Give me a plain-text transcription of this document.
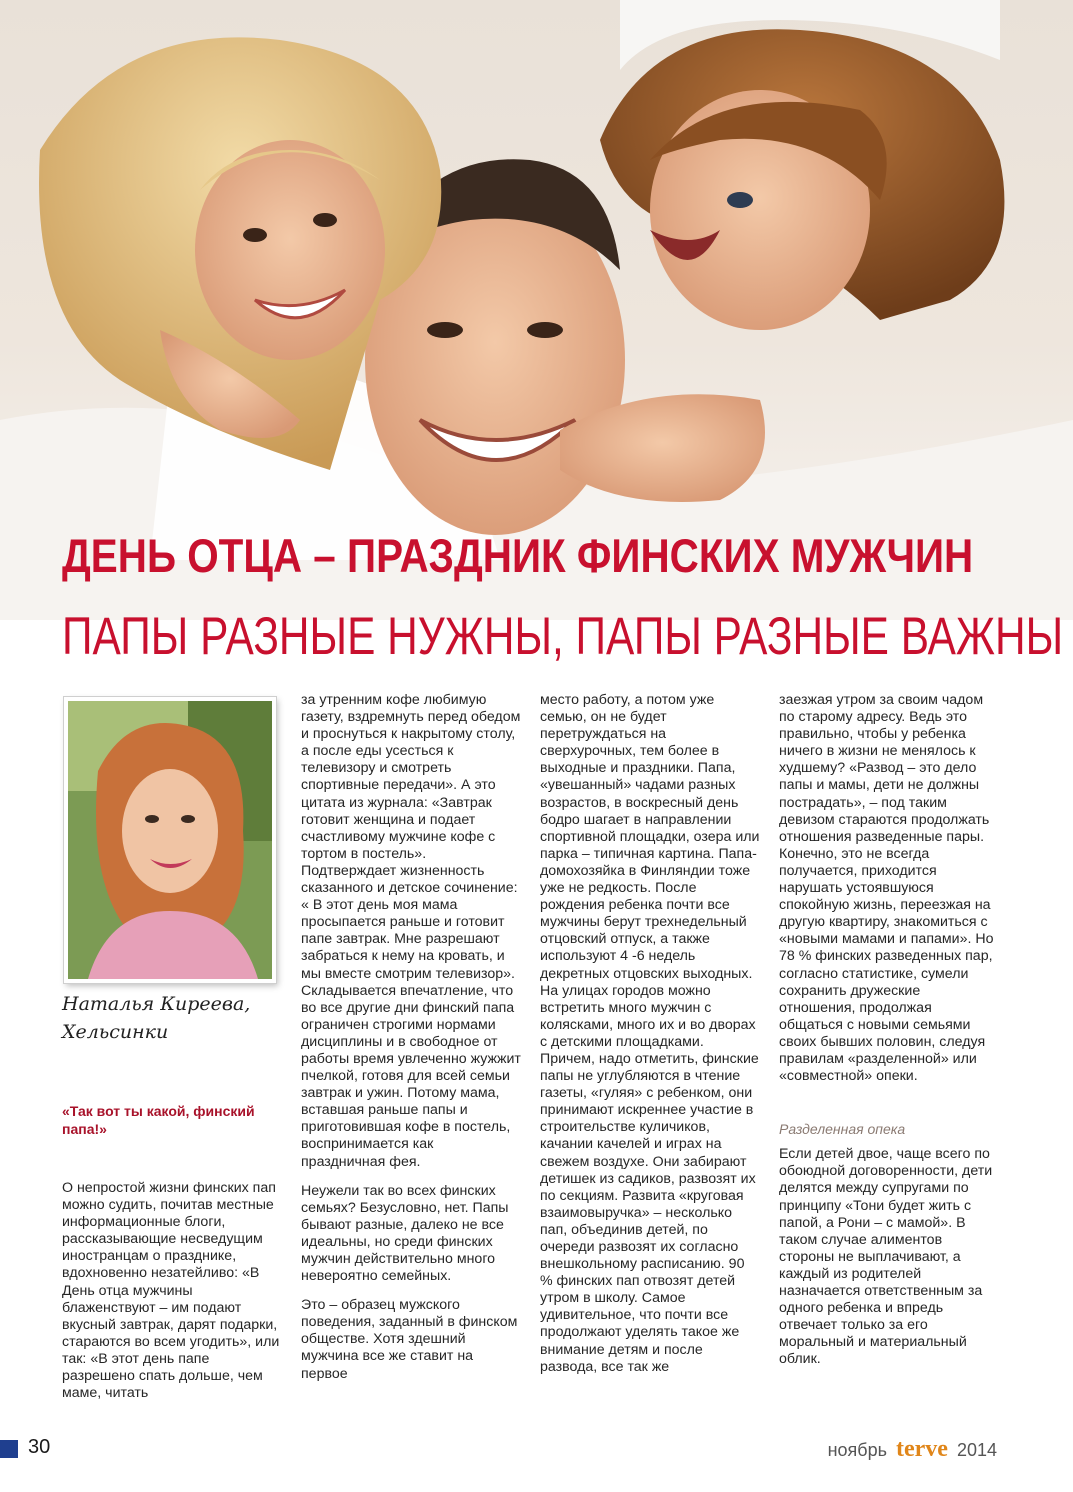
ДЕНЬ ОТЦА – ПРАЗДНИК ФИНСКИХ МУЖЧИН
ПАПЫ РАЗНЫЕ НУЖНЫ, ПАПЫ РАЗНЫЕ ВАЖНЫ
Наталья Киреева,
Хельсинки

«Так вот ты какой, финский папа!»

О непростой жизни финских пап можно судить, почитав местные информационные блоги, рассказывающие несведущим иностранцам о празднике, вдохновенно незатейливо: «В День отца мужчины блаженствуют – им подают вкусный завтрак, дарят подарки, стараются во всем угодить», или так: «В этот день папе разрешено спать дольше, чем маме, читать

за утренним кофе любимую газету, вздремнуть перед обедом и проснуться к накрытому столу, а после еды усесться к телевизору и смотреть спортивные передачи». А это цитата из журнала: «Завтрак готовит женщина и подает счастливому мужчине кофе с тортом в постель». Подтверждает жизненность сказанного и детское сочинение: « В этот день моя мама просыпается раньше и готовит папе завтрак. Мне разрешают забраться к нему на кровать, и мы вместе смотрим телевизор». Складывается впечатление, что во все другие дни финский папа ограничен строгими нормами дисциплины и в свободное от работы время увлеченно жужжит пчелкой, готовя для всей семьи завтрак и ужин. Потому мама, вставшая раньше папы и приготовившая кофе в постель, воспринимается как праздничная фея.

Неужели так во всех финских семьях? Безусловно, нет. Папы бывают разные, далеко не все идеальны, но среди финских мужчин действительно много невероятно семейных.

Это – образец мужского поведения, заданный в финском обществе. Хотя здешний мужчина все же ставит на первое

место работу, а потом уже семью, он не будет перетруждаться на сверхурочных, тем более в выходные и праздники. Папа, «увешанный» чадами разных возрастов, в воскресный день бодро шагает в направлении спортивной площадки, озера или парка – типичная картина. Папа-домохозяйка в Финляндии тоже уже не редкость. После рождения ребенка почти все мужчины берут трехнедельный отцовский отпуск, а также используют 4 -6 недель декретных отцовских выходных. На улицах городов можно встретить много мужчин с колясками, много их и во дворах с детскими площадками. Причем, надо отметить, финские папы не углубляются в чтение газеты, «гуляя» с ребенком, они принимают искреннее участие в строительстве куличиков, качании качелей и играх на свежем воздухе. Они забирают детишек из садиков, развозят их по секциям. Развита «круговая взаимовыручка» – несколько пап, объединив детей, по очереди развозят их согласно внешкольному расписанию. 90 % финских пап отвозят детей утром в школу. Самое удивительное, что почти все продолжают уделять такое же внимание детям и после развода, все так же

заезжая утром за своим чадом по старому адресу. Ведь это правильно, чтобы у ребенка ничего в жизни не менялось к худшему? «Развод – это дело папы и мамы, дети не должны пострадать», – под таким девизом стараются продолжать отношения разведенные пары. Конечно, это не всегда получается, приходится нарушать устоявшуюся спокойную жизнь, переезжая на другую квартиру, знакомиться с «новыми мамами и папами». Но 78 % финских разведенных пар, согласно статистике, сумели сохранить дружеские отношения, продолжая общаться с новыми семьями своих бывших половин, следуя правилам «разделенной» или «совместной» опеки.

Разделенная опека

Если детей двое, чаще всего по обоюдной договоренности, дети делятся между супругами по принципу «Тони будет жить с папой, а Рони – с мамой». В таком случае алиментов стороны не выплачивают, а каждый из родителей назначается ответственным за одного ребенка и впредь отвечает только за его моральный и материальный облик.

30	ноябрь terve 2014
